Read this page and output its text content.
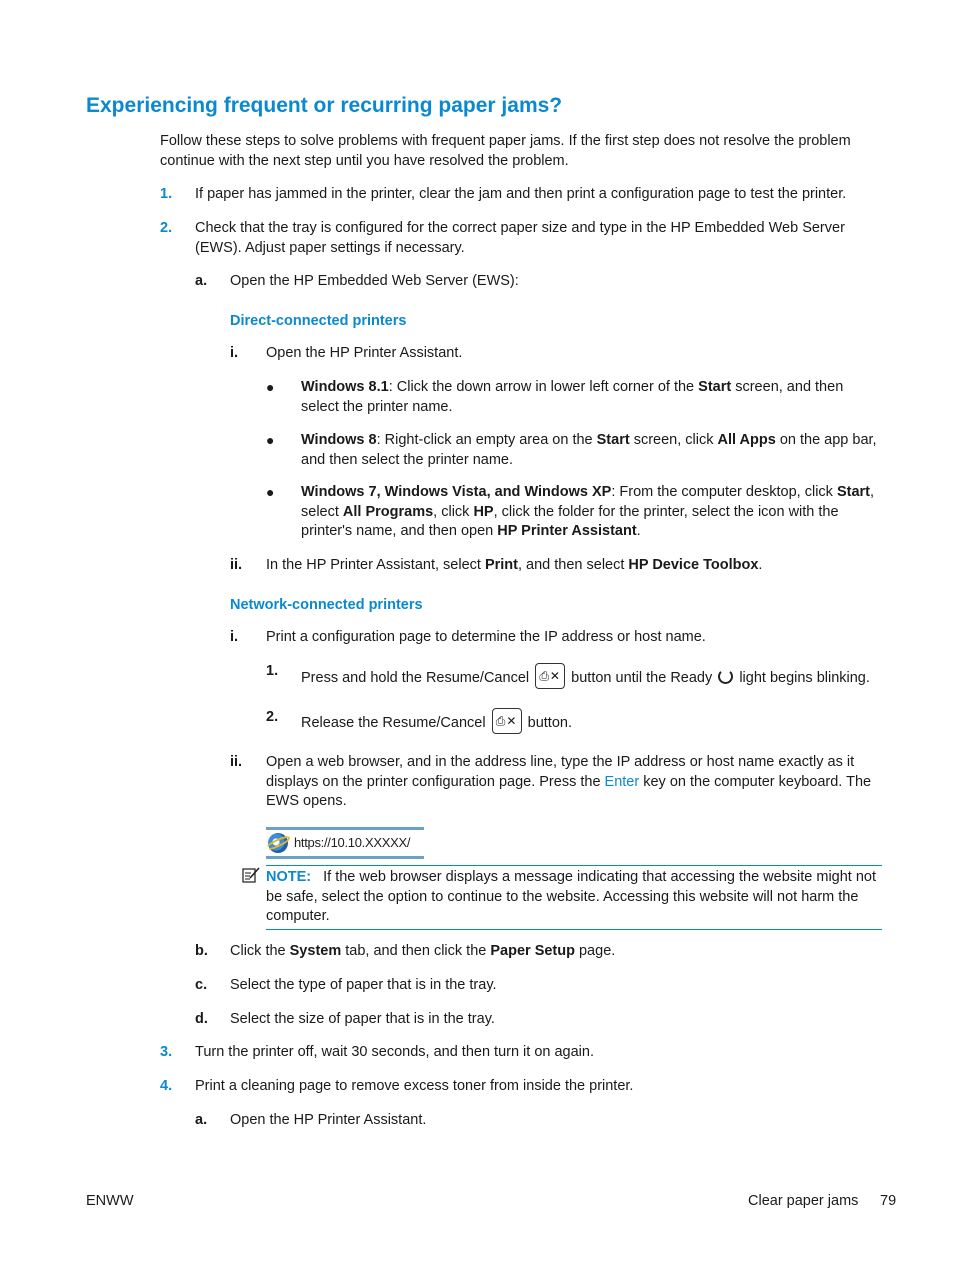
Experiencing frequent or recurring paper jams?
Follow these steps to solve problems with frequent paper jams. If the first step does not resolve the problem continue with the next step until you have resolved the problem.
1. If paper has jammed in the printer, clear the jam and then print a configuration page to test the printer.
2. Check that the tray is configured for the correct paper size and type in the HP Embedded Web Server (EWS). Adjust paper settings if necessary.
a. Open the HP Embedded Web Server (EWS):
Direct-connected printers
i. Open the HP Printer Assistant.
● Windows 8.1: Click the down arrow in lower left corner of the Start screen, and then select the printer name.
● Windows 8: Right-click an empty area on the Start screen, click All Apps on the app bar, and then select the printer name.
● Windows 7, Windows Vista, and Windows XP: From the computer desktop, click Start, select All Programs, click HP, click the folder for the printer, select the icon with the printer's name, and then open HP Printer Assistant.
ii. In the HP Printer Assistant, select Print, and then select HP Device Toolbox.
Network-connected printers
i. Print a configuration page to determine the IP address or host name.
1. Press and hold the Resume/Cancel ⎙✕ button until the Ready light begins blinking.
2. Release the Resume/Cancel ⎙✕ button.
ii. Open a web browser, and in the address line, type the IP address or host name exactly as it displays on the printer configuration page. Press the Enter key on the computer keyboard. The EWS opens.
https://10.10.XXXXX/
NOTE: If the web browser displays a message indicating that accessing the website might not be safe, select the option to continue to the website. Accessing this website will not harm the computer.
b. Click the System tab, and then click the Paper Setup page.
c. Select the type of paper that is in the tray.
d. Select the size of paper that is in the tray.
3. Turn the printer off, wait 30 seconds, and then turn it on again.
4. Print a cleaning page to remove excess toner from inside the printer.
a. Open the HP Printer Assistant.
ENWW	Clear paper jams 79
